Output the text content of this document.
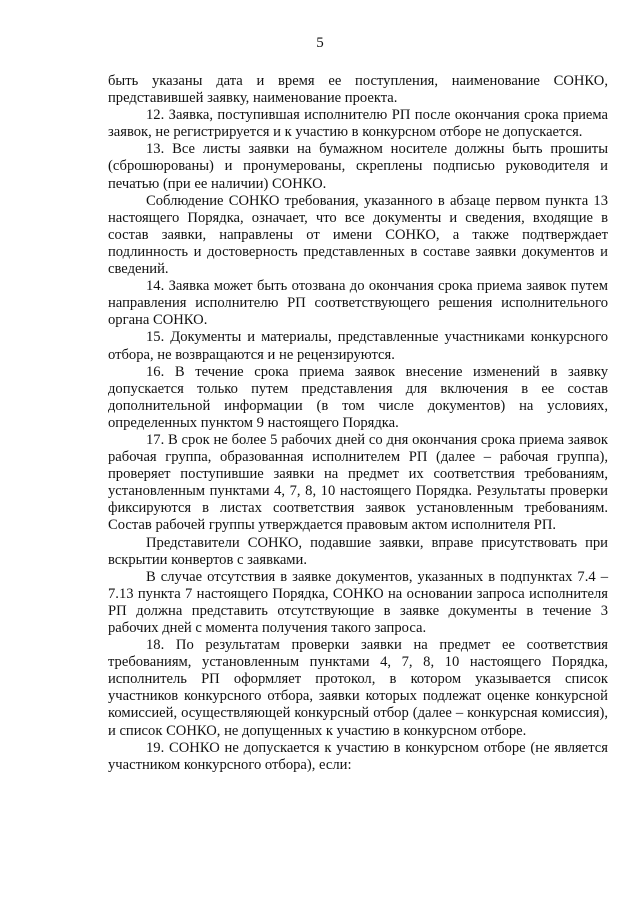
5

быть указаны дата и время ее поступления, наименование СОНКО, представившей заявку, наименование проекта.

12. Заявка, поступившая исполнителю РП после окончания срока приема заявок, не регистрируется и к участию в конкурсном отборе не допускается.

13. Все листы заявки на бумажном носителе должны быть прошиты (сброшюрованы) и пронумерованы, скреплены подписью руководителя и печатью (при ее наличии) СОНКО.

Соблюдение СОНКО требования, указанного в абзаце первом пункта 13 настоящего Порядка, означает, что все документы и сведения, входящие в состав заявки, направлены от имени СОНКО, а также подтверждает подлинность и достоверность представленных в составе заявки документов и сведений.

14. Заявка может быть отозвана до окончания срока приема заявок путем направления исполнителю РП соответствующего решения исполнительного органа СОНКО.

15. Документы и материалы, представленные участниками конкурсного отбора, не возвращаются и не рецензируются.

16. В течение срока приема заявок внесение изменений в заявку допускается только путем представления для включения в ее состав дополнительной информации (в том числе документов) на условиях, определенных пунктом 9 настоящего Порядка.

17. В срок не более 5 рабочих дней со дня окончания срока приема заявок рабочая группа, образованная исполнителем РП (далее – рабочая группа), проверяет поступившие заявки на предмет их соответствия требованиям, установленным пунктами 4, 7, 8, 10 настоящего Порядка. Результаты проверки фиксируются в листах соответствия заявок установленным требованиям. Состав рабочей группы утверждается правовым актом исполнителя РП.

Представители СОНКО, подавшие заявки, вправе присутствовать при вскрытии конвертов с заявками.

В случае отсутствия в заявке документов, указанных в подпунктах 7.4 – 7.13 пункта 7 настоящего Порядка, СОНКО на основании запроса исполнителя РП должна представить отсутствующие в заявке документы в течение 3 рабочих дней с момента получения такого запроса.

18. По результатам проверки заявки на предмет ее соответствия требованиям, установленным пунктами 4, 7, 8, 10 настоящего Порядка, исполнитель РП оформляет протокол, в котором указывается список участников конкурсного отбора, заявки которых подлежат оценке конкурсной комиссией, осуществляющей конкурсный отбор (далее – конкурсная комиссия), и список СОНКО, не допущенных к участию в конкурсном отборе.

19. СОНКО не допускается к участию в конкурсном отборе (не является участником конкурсного отбора), если:
